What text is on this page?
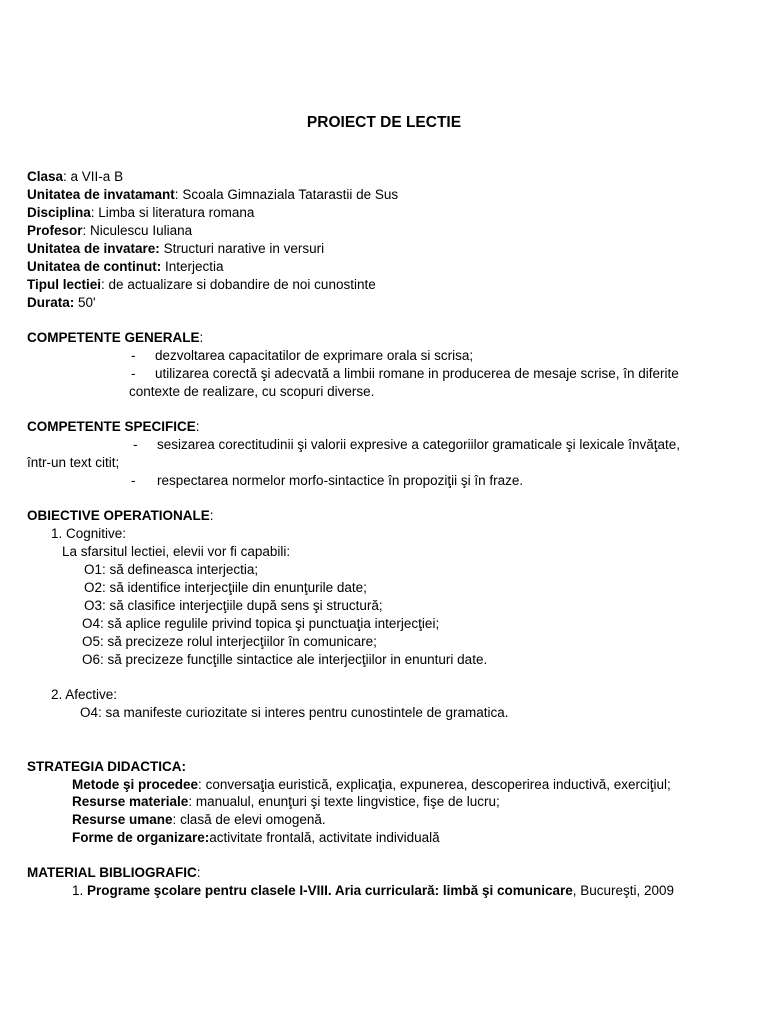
PROIECT DE LECTIE
Clasa: a VII-a B
Unitatea de invatamant: Scoala Gimnaziala Tatarastii de Sus
Disciplina: Limba si literatura romana
Profesor: Niculescu Iuliana
Unitatea de invatare: Structuri narative in versuri
Unitatea de continut: Interjectia
Tipul lectiei: de actualizare si dobandire de noi cunostinte
Durata: 50'
COMPETENTE GENERALE:
- dezvoltarea capacitatilor de exprimare orala si scrisa;
- utilizarea corectă şi adecvată a limbii romane in producerea de mesaje scrise, în diferite
contexte de realizare, cu scopuri diverse.
COMPETENTE SPECIFICE:
- sesizarea corectitudinii şi valorii expresive a categoriilor gramaticale şi lexicale învăţate,
într-un text citit;
- respectarea normelor morfo-sintactice în propoziţii şi în fraze.
OBIECTIVE OPERATIONALE:
1. Cognitive:
La sfarsitul lectiei, elevii vor fi capabili:
O1: să defineasca interjectia;
O2: să identifice interjecţiile din enunţurile date;
O3: să clasifice interjecţiile după sens şi structură;
O4: să aplice regulile privind topica şi punctuaţia interjecţiei;
O5: să precizeze rolul interjecţiilor în comunicare;
O6: să precizeze funcţille sintactice ale interjecţiilor in enunturi date.
2. Afective:
O4: sa manifeste curiozitate si interes pentru cunostintele de gramatica.
STRATEGIA DIDACTICA:
Metode şi procedee: conversaţia euristică, explicaţia, expunerea, descoperirea inductivă, exerciţiul;
Resurse materiale: manualul, enunţuri şi texte lingvistice, fişe de lucru;
Resurse umane: clasă de elevi omogenă.
Forme de organizare:activitate frontală, activitate individuală
MATERIAL BIBLIOGRAFIC:
1. Programe şcolare pentru clasele I-VIII. Aria curriculară: limbă şi comunicare, Bucureşti, 2009
